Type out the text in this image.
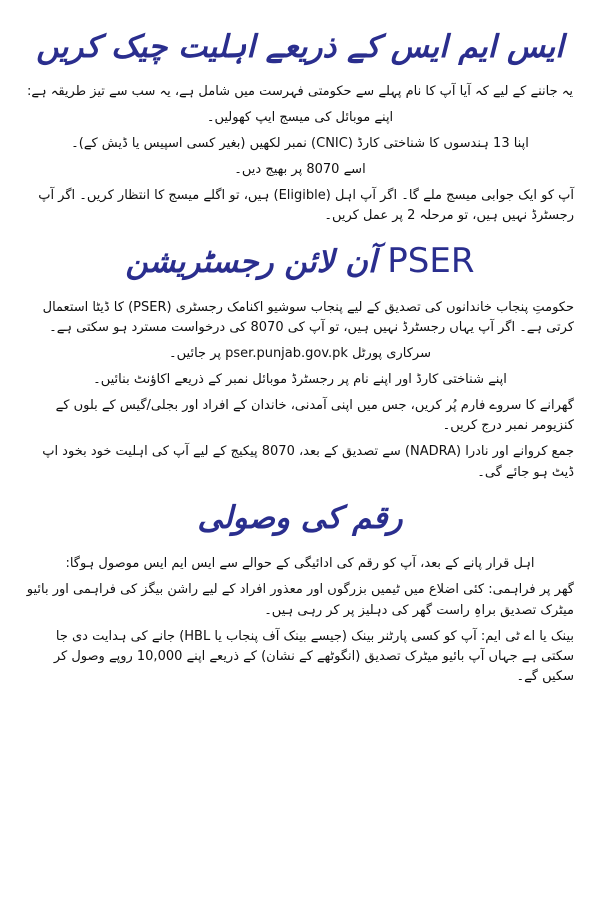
ایس ایم ایس کے ذریعے اہلیت چیک کریں

یہ جاننے کے لیے کہ آیا آپ کا نام پہلے سے حکومتی فہرست میں شامل ہے، یہ سب سے تیز طریقہ ہے:

اپنے موبائل کی میسج ایپ کھولیں۔

اپنا 13 ہندسوں کا شناختی کارڈ (CNIC) نمبر لکھیں (بغیر کسی اسپیس یا ڈیش کے)۔

اسے 8070 پر بھیج دیں۔

آپ کو ایک جوابی میسج ملے گا۔ اگر آپ اہل (Eligible) ہیں، تو اگلے میسج کا انتظار کریں۔ اگر آپ رجسٹرڈ نہیں ہیں، تو مرحلہ 2 پر عمل کریں۔

PSER آن لائن رجسٹریشن

حکومتِ پنجاب خاندانوں کی تصدیق کے لیے پنجاب سوشیو اکنامک رجسٹری (PSER) کا ڈیٹا استعمال کرتی ہے۔ اگر آپ یہاں رجسٹرڈ نہیں ہیں، تو آپ کی 8070 کی درخواست مسترد ہو سکتی ہے۔

سرکاری پورٹل pser.punjab.gov.pk پر جائیں۔

اپنے شناختی کارڈ اور اپنے نام پر رجسٹرڈ موبائل نمبر کے ذریعے اکاؤنٹ بنائیں۔

گھرانے کا سروے فارم پُر کریں، جس میں اپنی آمدنی، خاندان کے افراد اور بجلی/گیس کے بلوں کے کنزیومر نمبر درج کریں۔

جمع کروانے اور نادرا (NADRA) سے تصدیق کے بعد، 8070 پیکیج کے لیے آپ کی اہلیت خود بخود اپ ڈیٹ ہو جائے گی۔

رقم کی وصولی

اہل قرار پانے کے بعد، آپ کو رقم کی ادائیگی کے حوالے سے ایس ایم ایس موصول ہوگا:

گھر پر فراہمی: کئی اضلاع میں ٹیمیں بزرگوں اور معذور افراد کے لیے راشن بیگز کی فراہمی اور بائیو میٹرک تصدیق براہِ راست گھر کی دہلیز پر کر رہی ہیں۔

بینک یا اے ٹی ایم: آپ کو کسی پارٹنر بینک (جیسے بینک آف پنجاب یا HBL) جانے کی ہدایت دی جا سکتی ہے جہاں آپ بائیو میٹرک تصدیق (انگوٹھے کے نشان) کے ذریعے اپنے 10,000 روپے وصول کر سکیں گے۔
